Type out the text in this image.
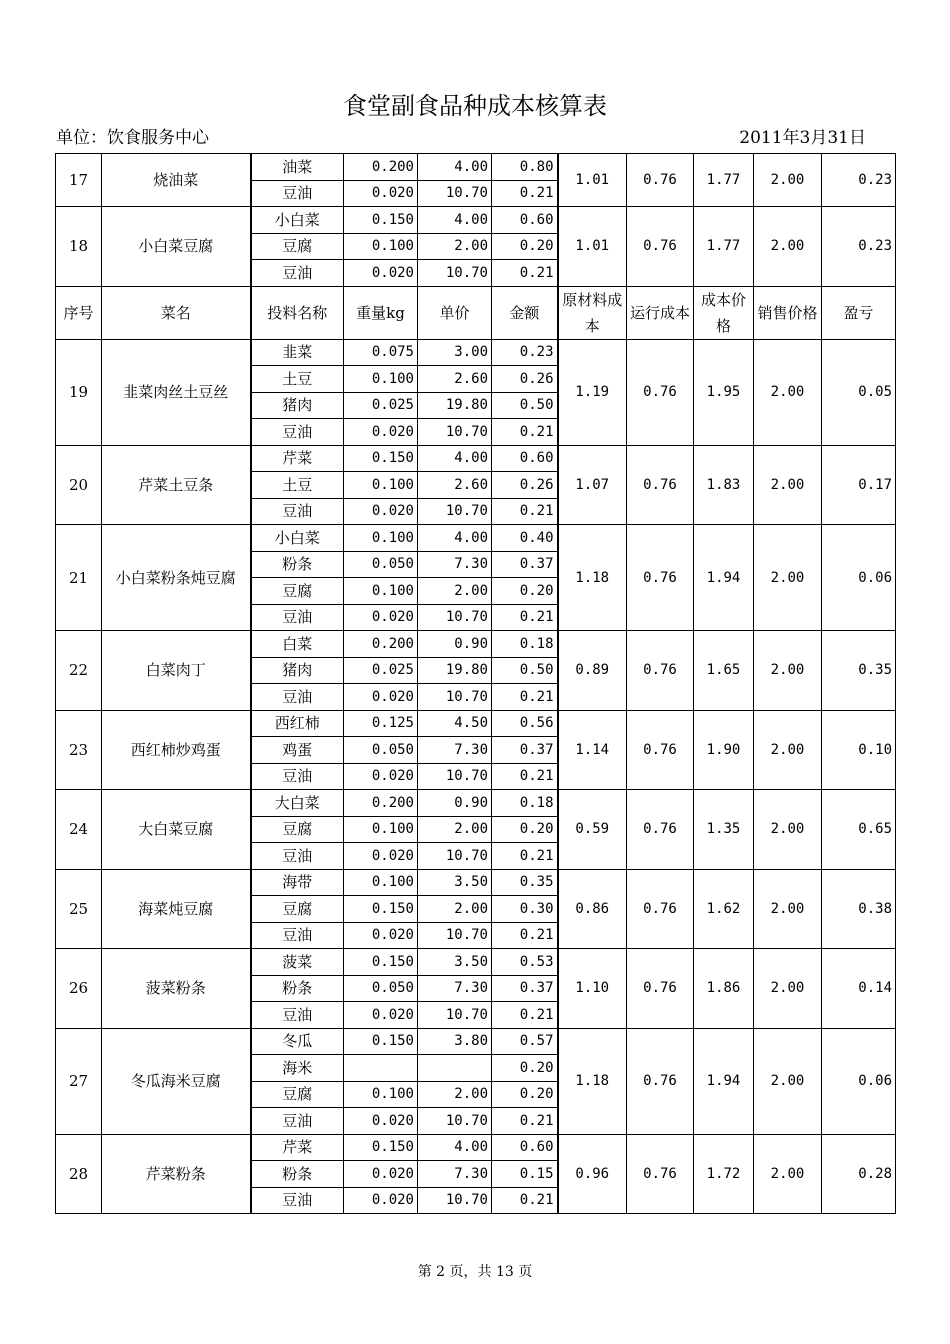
食堂副食品种成本核算表
单位：饮食服务中心	2011年3月31日
17	烧油菜	油菜	0.200	4.00	0.80	1.01	0.76	1.77	2.00	0.23
		豆油	0.020	10.70	0.21					
18	小白菜豆腐	小白菜	0.150	4.00	0.60	1.01	0.76	1.77	2.00	0.23
		豆腐	0.100	2.00	0.20					
		豆油	0.020	10.70	0.21					
序号	菜名	投料名称	重量kg	单价	金额	原材料成本	运行成本	成本价格	销售价格	盈亏
19	韭菜肉丝土豆丝	韭菜	0.075	3.00	0.23	1.19	0.76	1.95	2.00	0.05
		土豆	0.100	2.60	0.26					
		猪肉	0.025	19.80	0.50					
		豆油	0.020	10.70	0.21					
20	芹菜土豆条	芹菜	0.150	4.00	0.60	1.07	0.76	1.83	2.00	0.17
		土豆	0.100	2.60	0.26					
		豆油	0.020	10.70	0.21					
21	小白菜粉条炖豆腐	小白菜	0.100	4.00	0.40	1.18	0.76	1.94	2.00	0.06
		粉条	0.050	7.30	0.37					
		豆腐	0.100	2.00	0.20					
		豆油	0.020	10.70	0.21					
22	白菜肉丁	白菜	0.200	0.90	0.18	0.89	0.76	1.65	2.00	0.35
		猪肉	0.025	19.80	0.50					
		豆油	0.020	10.70	0.21					
23	西红柿炒鸡蛋	西红柿	0.125	4.50	0.56	1.14	0.76	1.90	2.00	0.10
		鸡蛋	0.050	7.30	0.37					
		豆油	0.020	10.70	0.21					
24	大白菜豆腐	大白菜	0.200	0.90	0.18	0.59	0.76	1.35	2.00	0.65
		豆腐	0.100	2.00	0.20					
		豆油	0.020	10.70	0.21					
25	海菜炖豆腐	海带	0.100	3.50	0.35	0.86	0.76	1.62	2.00	0.38
		豆腐	0.150	2.00	0.30					
		豆油	0.020	10.70	0.21					
26	菠菜粉条	菠菜	0.150	3.50	0.53	1.10	0.76	1.86	2.00	0.14
		粉条	0.050	7.30	0.37					
		豆油	0.020	10.70	0.21					
27	冬瓜海米豆腐	冬瓜	0.150	3.80	0.57	1.18	0.76	1.94	2.00	0.06
		海米			0.20					
		豆腐	0.100	2.00	0.20					
		豆油	0.020	10.70	0.21					
28	芹菜粉条	芹菜	0.150	4.00	0.60	0.96	0.76	1.72	2.00	0.28
		粉条	0.020	7.30	0.15					
		豆油	0.020	10.70	0.21					
第 2 页，共 13 页
